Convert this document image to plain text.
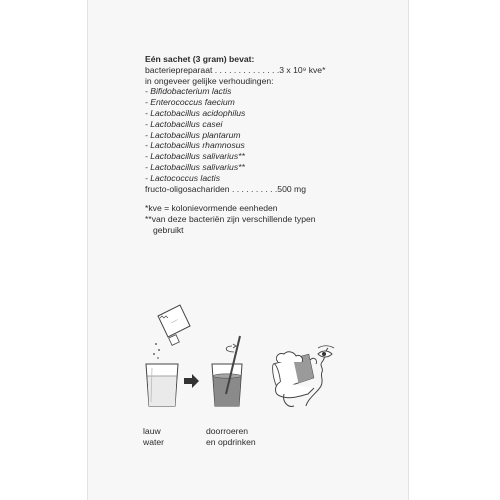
Eén sachet (3 gram) bevat:
bacteriepreparaat . . . . . . . . . . . . . .3 x 10⁹ kve*
in ongeveer gelijke verhoudingen:
- Bifidobacterium lactis
- Enterococcus faecium
- Lactobacillus acidophilus
- Lactobacillus casei
- Lactobacillus plantarum
- Lactobacillus rhamnosus
- Lactobacillus salivarius**
- Lactobacillus salivarius**
- Lactococcus lactis
fructo-oligosachariden . . . . . . . . . .500 mg
*kve = kolonievormende eenheden
**van deze bacteriën zijn verschillende typen
gebruikt
~~~
lauw
water
doorroeren
en opdrinken
